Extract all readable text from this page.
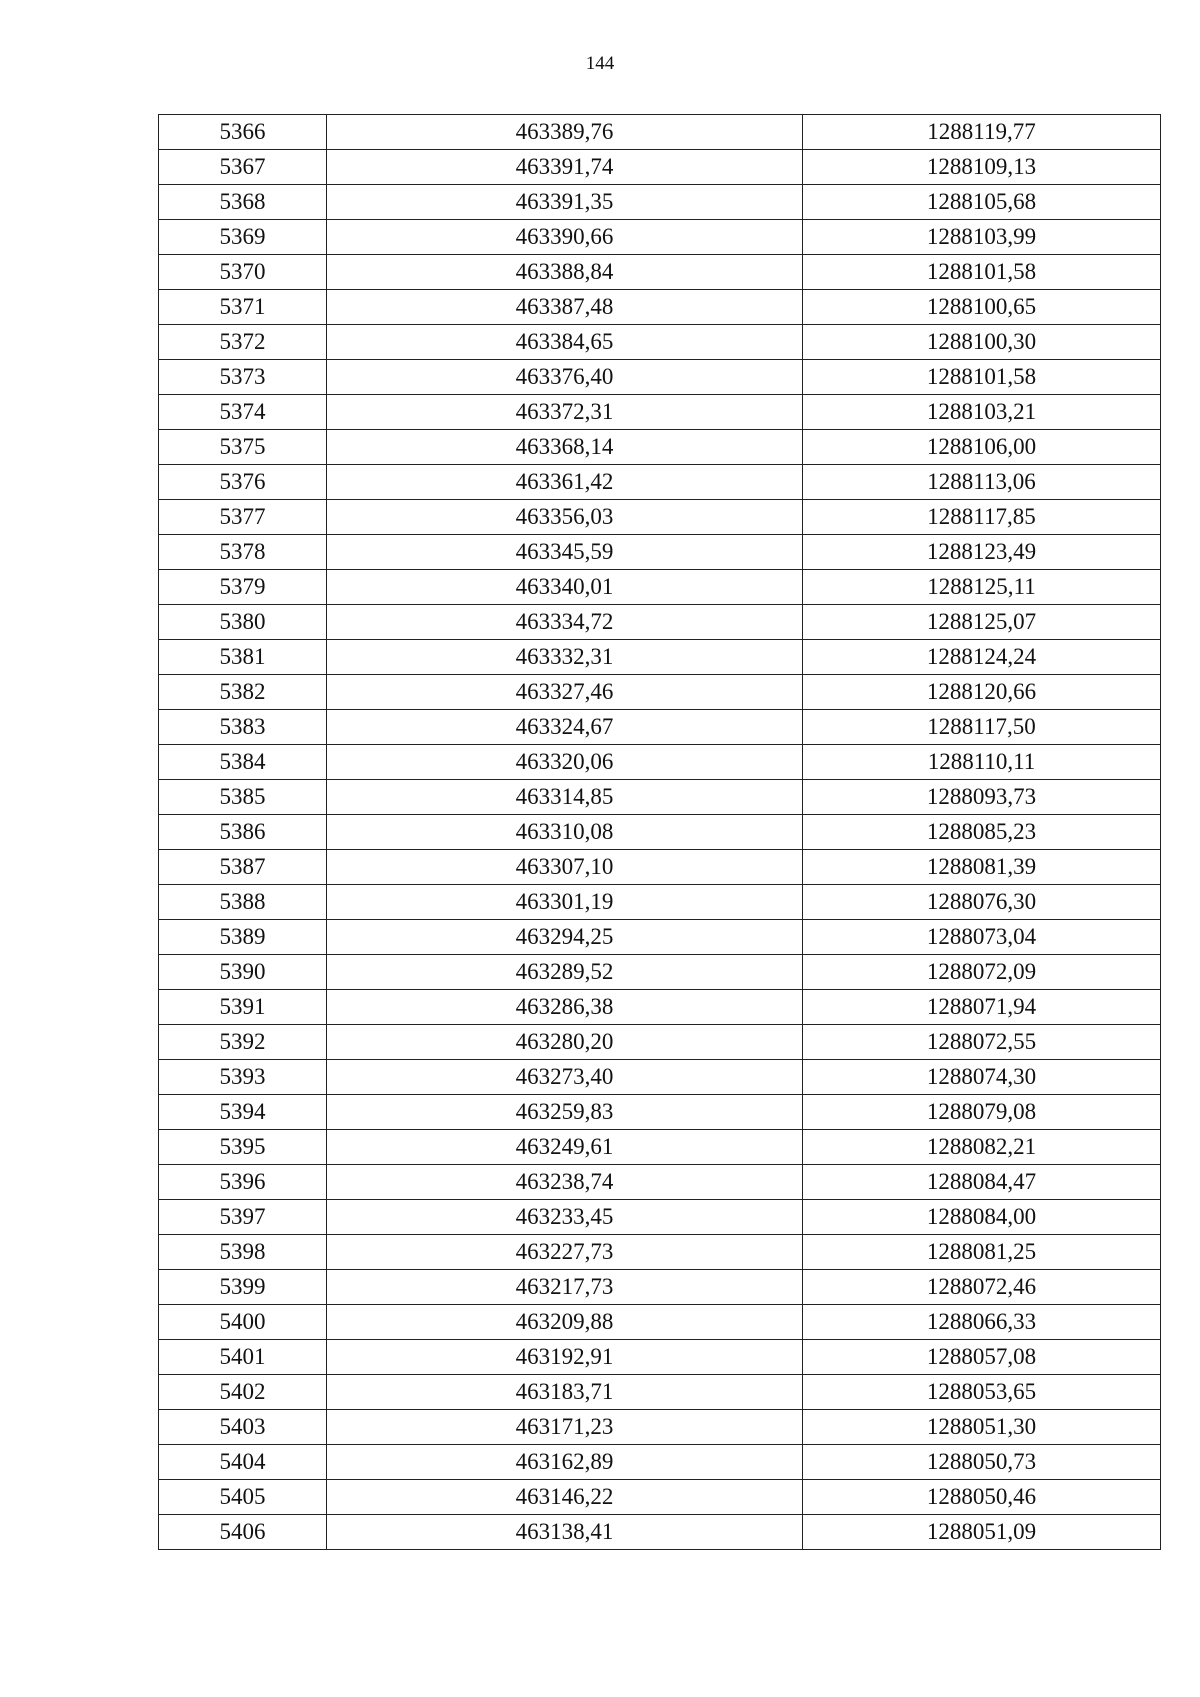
144
5366	463389,76	1288119,77
5367	463391,74	1288109,13
5368	463391,35	1288105,68
5369	463390,66	1288103,99
5370	463388,84	1288101,58
5371	463387,48	1288100,65
5372	463384,65	1288100,30
5373	463376,40	1288101,58
5374	463372,31	1288103,21
5375	463368,14	1288106,00
5376	463361,42	1288113,06
5377	463356,03	1288117,85
5378	463345,59	1288123,49
5379	463340,01	1288125,11
5380	463334,72	1288125,07
5381	463332,31	1288124,24
5382	463327,46	1288120,66
5383	463324,67	1288117,50
5384	463320,06	1288110,11
5385	463314,85	1288093,73
5386	463310,08	1288085,23
5387	463307,10	1288081,39
5388	463301,19	1288076,30
5389	463294,25	1288073,04
5390	463289,52	1288072,09
5391	463286,38	1288071,94
5392	463280,20	1288072,55
5393	463273,40	1288074,30
5394	463259,83	1288079,08
5395	463249,61	1288082,21
5396	463238,74	1288084,47
5397	463233,45	1288084,00
5398	463227,73	1288081,25
5399	463217,73	1288072,46
5400	463209,88	1288066,33
5401	463192,91	1288057,08
5402	463183,71	1288053,65
5403	463171,23	1288051,30
5404	463162,89	1288050,73
5405	463146,22	1288050,46
5406	463138,41	1288051,09
